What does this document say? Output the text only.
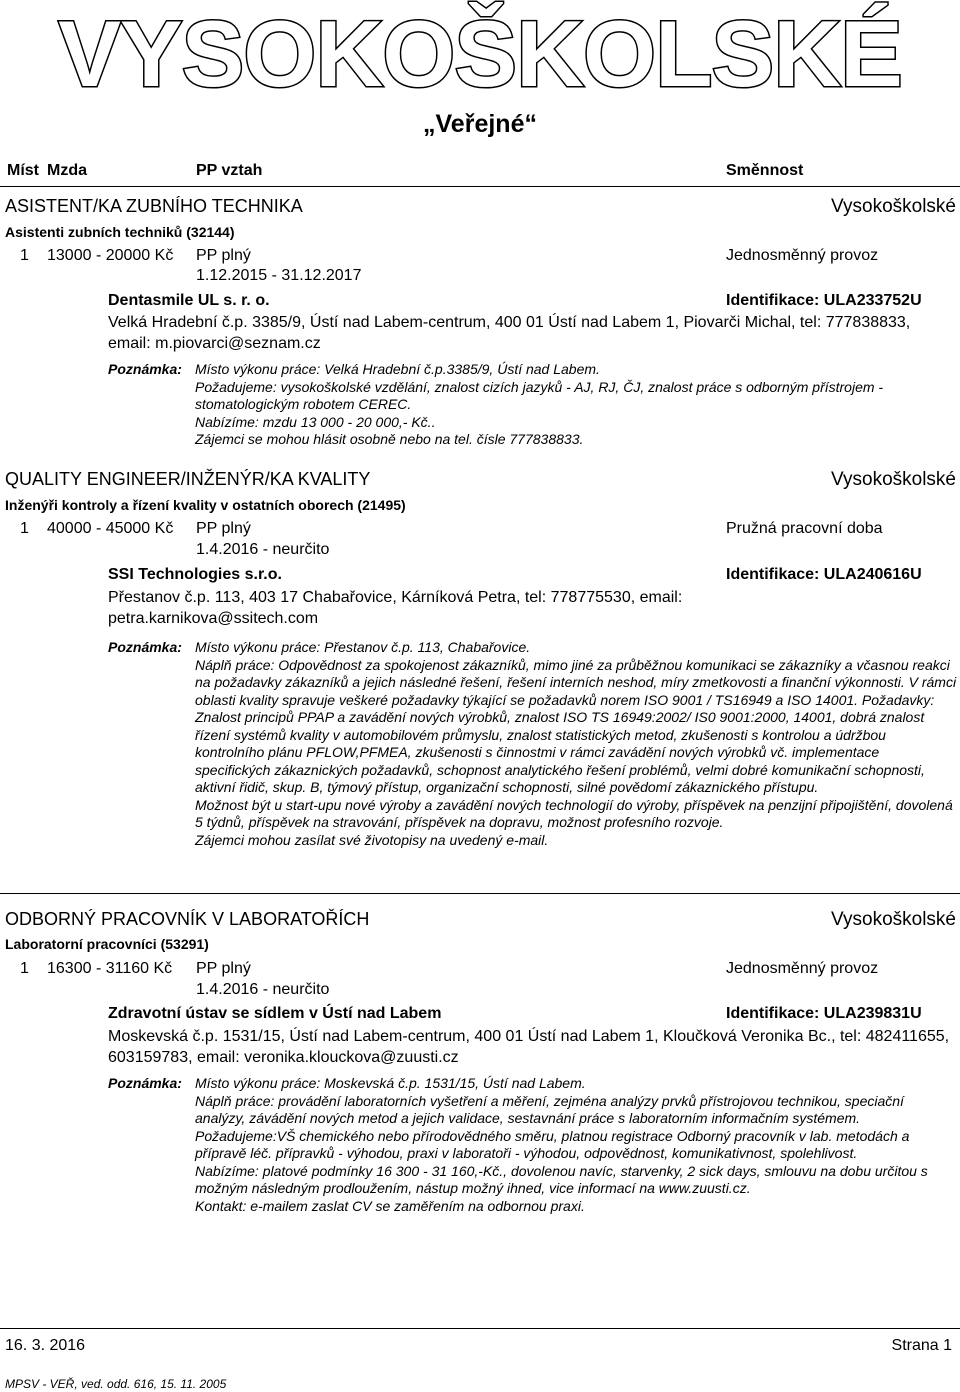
VYSOKOŠKOLSKÉ
„Veřejné“
Míst Mzda	PP vztah	Směnnost
ASISTENT/KA ZUBNÍHO TECHNIKA	Vysokoškolské
Asistenti zubních techniků (32144)
1 13000 - 20000 Kč PP plný	Jednosměnný provoz
1.12.2015 - 31.12.2017
Dentasmile UL s. r. o.	Identifikace: ULA233752U
Velká Hradební č.p. 3385/9, Ústí nad Labem-centrum, 400 01 Ústí nad Labem 1, Piovarči Michal, tel: 777838833, email: m.piovarci@seznam.cz
Poznámka: Místo výkonu práce: Velká Hradební č.p.3385/9, Ústí nad Labem.

Požadujeme: vysokoškolské vzdělání, znalost cizích jazyků - AJ, RJ, ČJ, znalost práce s odborným přístrojem - stomatologickým robotem CEREC.

Nabízíme: mzdu 13 000 - 20 000,- Kč..

Zájemci se mohou hlásit osobně nebo na tel. čísle 777838833.

QUALITY ENGINEER/INŽENÝR/KA KVALITY	Vysokoškolské
Inženýři kontroly a řízení kvality v ostatních oborech (21495)
1 40000 - 45000 Kč PP plný	Pružná pracovní doba
1.4.2016 - neurčito
SSI Technologies s.r.o.	Identifikace: ULA240616U
Přestanov č.p. 113, 403 17 Chabařovice, Kárníková Petra, tel: 778775530, email: petra.karnikova@ssitech.com
Poznámka: Místo výkonu práce: Přestanov č.p. 113, Chabařovice.

Náplň práce: Odpovědnost za spokojenost zákazníků, mimo jiné za průběžnou komunikaci se zákazníky a včasnou reakci na požadavky zákazníků a jejich následné řešení, řešení interních neshod, míry zmetkovosti a finanční výkonnosti. V rámci oblasti kvality spravuje veškeré požadavky týkající se požadavků norem ISO 9001 / TS16949 a ISO 14001. Požadavky: Znalost principů PPAP a zavádění nových výrobků, znalost ISO TS 16949:2002/ IS0 9001:2000, 14001, dobrá znalost řízení systémů kvality v automobilovém průmyslu, znalost statistických metod, zkušenosti s kontrolou a údržbou kontrolního plánu PFLOW,PFMEA, zkušenosti s činnostmi v rámci zavádění nových výrobků vč. implementace specifických zákaznických požadavků, schopnost analytického řešení problémů, velmi dobré komunikační schopnosti, aktivní řidič, skup. B, týmový přístup, organizační schopnosti, silné povědomí zákaznického přístupu.

Možnost být u start-upu nové výroby a zavádění nových technologií do výroby, příspěvek na penzijní připojištění, dovolená 5 týdnů, příspěvek na stravování, příspěvek na dopravu, možnost profesního rozvoje.

Zájemci mohou zasílat své životopisy na uvedený e-mail.

ODBORNÝ PRACOVNÍK V LABORATOŘÍCH	Vysokoškolské
Laboratorní pracovníci (53291)
1 16300 - 31160 Kč PP plný	Jednosměnný provoz
1.4.2016 - neurčito
Zdravotní ústav se sídlem v Ústí nad Labem	Identifikace: ULA239831U
Moskevská č.p. 1531/15, Ústí nad Labem-centrum, 400 01 Ústí nad Labem 1, Kloučková Veronika Bc., tel: 482411655, 603159783, email: veronika.klouckova@zuusti.cz
Poznámka: Místo výkonu práce: Moskevská č.p. 1531/15, Ústí nad Labem.

Náplň práce: provádění laboratorních vyšetření a měření, zejména analýzy prvků přístrojovou technikou, speciační analýzy, závádění nových metod a jejich validace, sestavnání práce s laboratorním informačním systémem.

Požadujeme:VŠ chemického nebo přírodovědného směru, platnou registrace Odborný pracovník v lab. metodách a přípravě léč. přípravků - výhodou, praxi v laboratoři - výhodou, odpovědnost, komunikativnost, spolehlivost.

Nabízíme: platové podmínky 16 300 - 31 160,-Kč., dovolenou navíc, starvenky, 2 sick days, smlouvu na dobu určitou s možným následným prodloužením, nástup možný ihned, vice informací na www.zuusti.cz.

Kontakt: e-mailem zaslat CV se zaměřením na odbornou praxi.

16. 3. 2016	Strana 1
MPSV - VEŘ, ved. odd. 616, 15. 11. 2005
